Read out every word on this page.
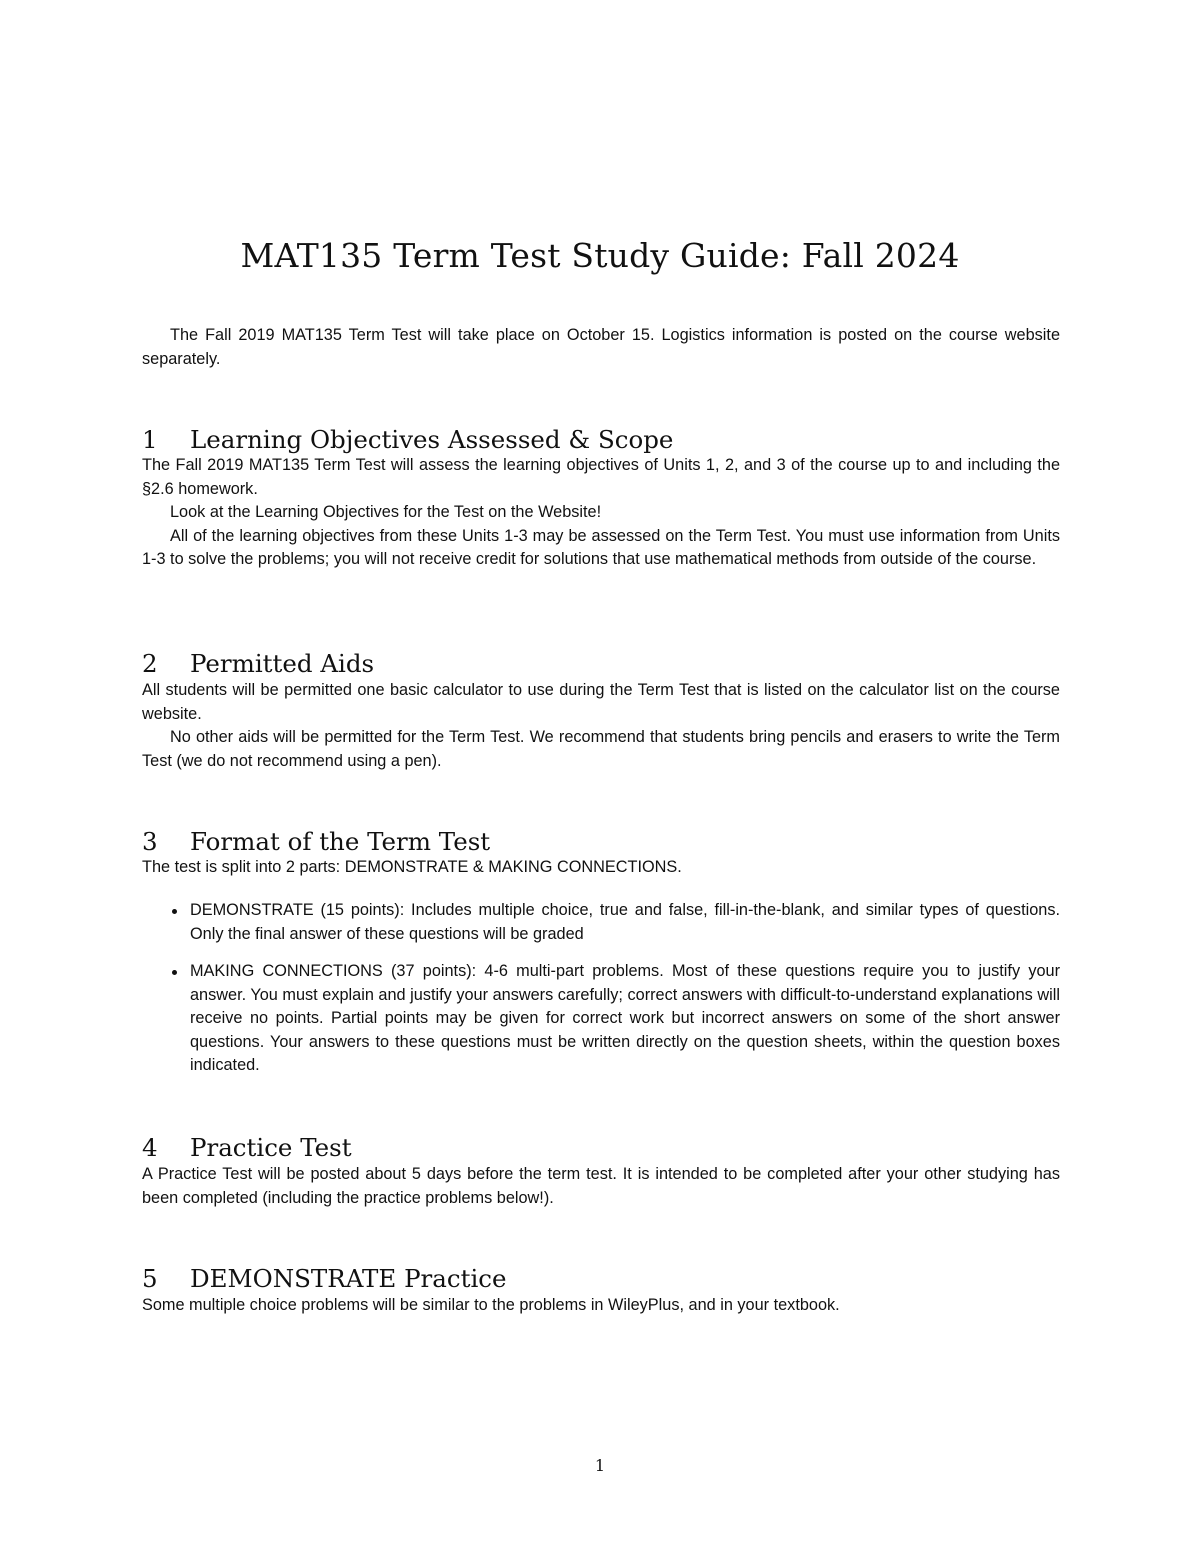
MAT135 Term Test Study Guide: Fall 2024
The Fall 2019 MAT135 Term Test will take place on October 15. Logistics information is posted on the course website separately.
1 Learning Objectives Assessed & Scope

The Fall 2019 MAT135 Term Test will assess the learning objectives of Units 1, 2, and 3 of the course up to and including the §2.6 homework.

Look at the Learning Objectives for the Test on the Website!

All of the learning objectives from these Units 1-3 may be assessed on the Term Test. You must use information from Units 1-3 to solve the problems; you will not receive credit for solutions that use mathematical methods from outside of the course.

2 Permitted Aids

All students will be permitted one basic calculator to use during the Term Test that is listed on the calculator list on the course website.

No other aids will be permitted for the Term Test. We recommend that students bring pencils and erasers to write the Term Test (we do not recommend using a pen).

3 Format of the Term Test

The test is split into 2 parts: DEMONSTRATE & MAKING CONNECTIONS.

DEMONSTRATE (15 points): Includes multiple choice, true and false, fill-in-the-blank, and similar types of questions. Only the final answer of these questions will be graded
MAKING CONNECTIONS (37 points): 4-6 multi-part problems. Most of these questions require you to justify your answer. You must explain and justify your answers carefully; correct answers with difficult-to-understand explanations will receive no points. Partial points may be given for correct work but incorrect answers on some of the short answer questions. Your answers to these questions must be written directly on the question sheets, within the question boxes indicated.
4 Practice Test

A Practice Test will be posted about 5 days before the term test. It is intended to be completed after your other studying has been completed (including the practice problems below!).

5 DEMONSTRATE Practice

Some multiple choice problems will be similar to the problems in WileyPlus, and in your textbook.

1
